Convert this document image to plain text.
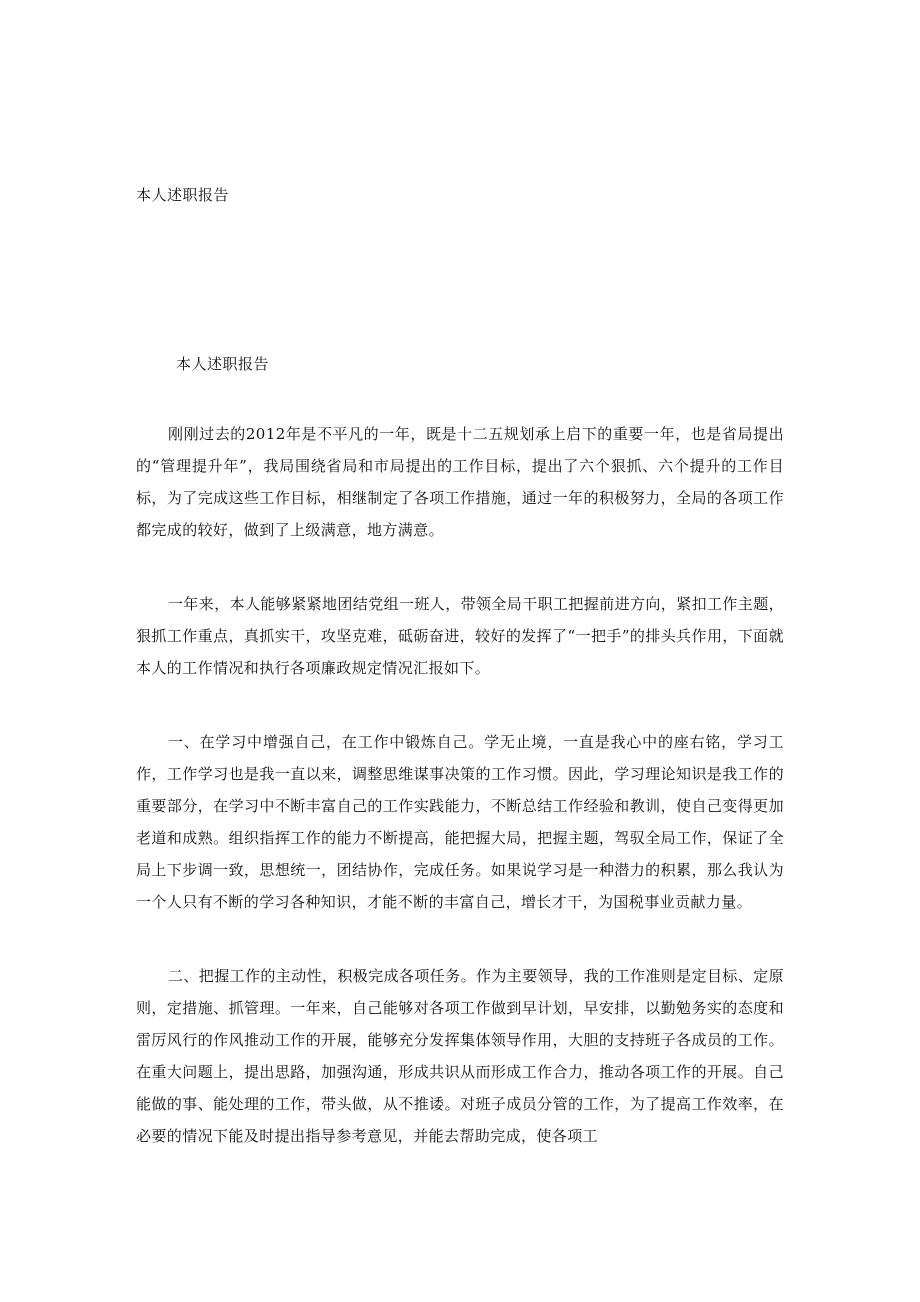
本人述职报告
本人述职报告

刚刚过去的2012年是不平凡的一年，既是十二五规划承上启下的重要一年，也是省局提出的“管理提升年”，我局围绕省局和市局提出的工作目标，提出了六个狠抓、六个提升的工作目标，为了完成这些工作目标，相继制定了各项工作措施，通过一年的积极努力，全局的各项工作都完成的较好，做到了上级满意，地方满意。

一年来，本人能够紧紧地团结党组一班人，带领全局干职工把握前进方向，紧扣工作主题，狠抓工作重点，真抓实干，攻坚克难，砥砺奋进，较好的发挥了“一把手”的排头兵作用，下面就本人的工作情况和执行各项廉政规定情况汇报如下。

一、在学习中增强自己，在工作中锻炼自己。学无止境，一直是我心中的座右铭，学习工作，工作学习也是我一直以来，调整思维谋事决策的工作习惯。因此，学习理论知识是我工作的重要部分，在学习中不断丰富自己的工作实践能力，不断总结工作经验和教训，使自己变得更加老道和成熟。组织指挥工作的能力不断提高，能把握大局，把握主题，驾驭全局工作，保证了全局上下步调一致，思想统一，团结协作，完成任务。如果说学习是一种潜力的积累，那么我认为一个人只有不断的学习各种知识，才能不断的丰富自己，增长才干，为国税事业贡献力量。

二、把握工作的主动性，积极完成各项任务。作为主要领导，我的工作准则是定目标、定原则，定措施、抓管理。一年来，自己能够对各项工作做到早计划，早安排，以勤勉务实的态度和雷厉风行的作风推动工作的开展，能够充分发挥集体领导作用，大胆的支持班子各成员的工作。在重大问题上，提出思路，加强沟通，形成共识从而形成工作合力，推动各项工作的开展。自己能做的事、能处理的工作，带头做，从不推诿。对班子成员分管的工作，为了提高工作效率，在必要的情况下能及时提出指导参考意见，并能去帮助完成，使各项工
